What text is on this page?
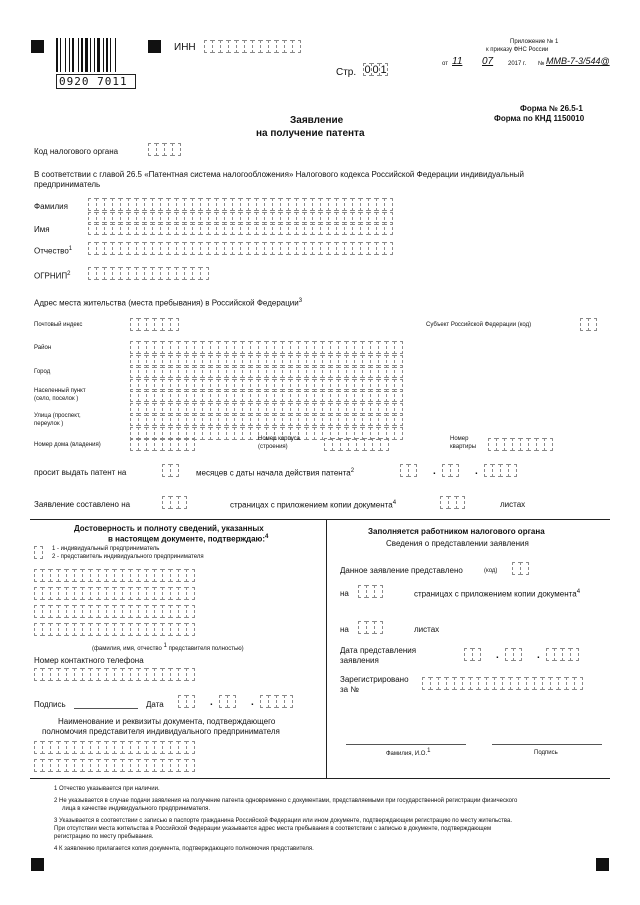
0920 7011
ИНН
Стр. 0 0 1
Приложение № 1
к приказу ФНС России
от 11 07 2017 г. № ММВ-7-3/544@
Форма № 26.5-1
Форма по КНД 1150010
Заявление
на получение патента
Код налогового органа
В соответствии с главой 26.5 «Патентная система налогообложения» Налогового кодекса Российской Федерации индивидуальный
предприниматель
Фамилия
Имя
Отчество$^1$
ОГРНИП$^2$
Адрес места жительства (места пребывания) в Российской Федерации$^3$
Почтовый индекс	Субъект Российской Федерации (код)
Район
Город
Населенный пункт
(село, поселок )
Улица (проспект,
переулок )
Номер дома (владения)
Номер корпуса
(строения)
Номер
квартиры
просит выдать патент на	месяцев с даты начала действия патента$^2$	.	.
Заявление составлено на	страницах с приложением копии документа$^4$	листах
Достоверность и полноту сведений, указанных
в настоящем документе, подтверждаю:$^4$
1 - индивидуальный предприниматель
2 - представитель индивидуального предпринимателя
(фамилия, имя, отчество 1 представителя полностью)
Номер контактного телефона
Подпись	Дата	.	.
Наименование и реквизиты документа, подтверждающего
полномочия представителя индивидуального предпринимателя
Заполняется работником налогового органа
Сведения о представлении заявления
Данное заявление представлено	(код)
на	страницах с приложением копии документа$^4$
на	листах
Дата представления
заявления	.	.
Зарегистрировано
за №
Фамилия, И.О.1	Подпись
1 Отчество указывается при наличии.
2 Не указывается в случае подачи заявления на получение патента одновременно с документами, представляемыми при государственной регистрации физического
лица в качестве индивидуального предпринимателя.
3 Указывается в соответствии с записью в паспорте гражданина Российской Федерации или ином документе, подтверждающем регистрацию по месту жительства.
При отсутствии места жительства в Российской Федерации указывается адрес места пребывания в соответствии с записью в документе, подтверждающем
регистрацию по месту пребывания.
4 К заявлению прилагается копия документа, подтверждающего полномочия представителя.
